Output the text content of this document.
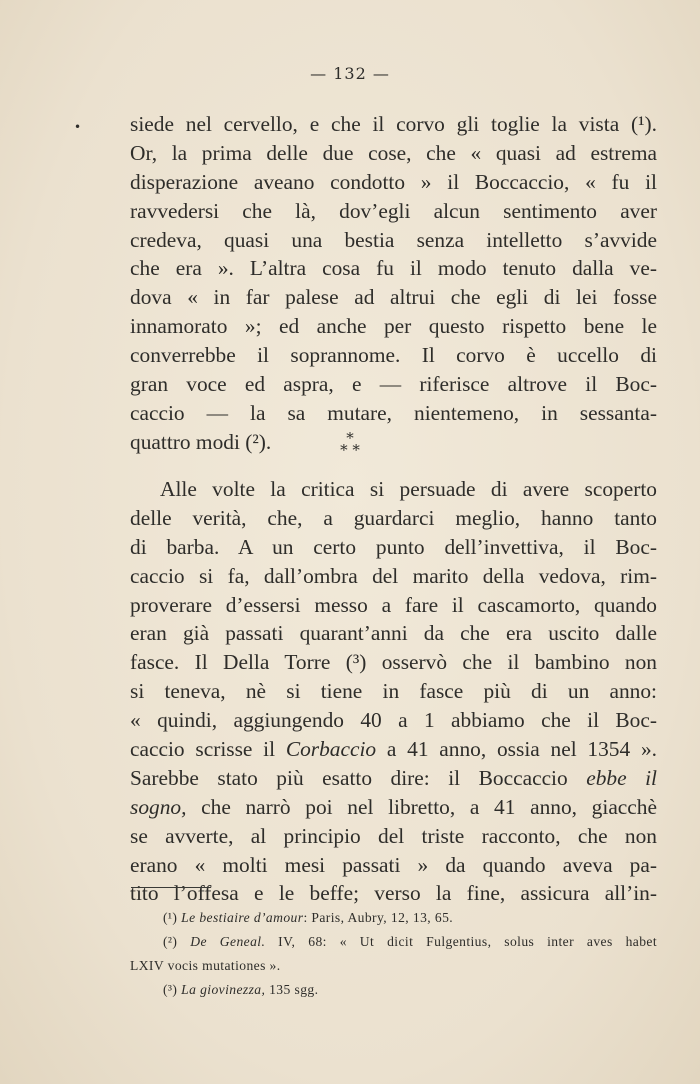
— 132 —
• siede nel cervello, e che il corvo gli toglie la vista (¹).
Or, la prima delle due cose, che « quasi ad estrema
disperazione aveano condotto » il Boccaccio, « fu il
ravvedersi che là, dov’egli alcun sentimento aver
credeva, quasi una bestia senza intelletto s’avvide
che era ». L’altra cosa fu il modo tenuto dalla ve-
dova « in far palese ad altrui che egli di lei fosse
innamorato »; ed anche per questo rispetto bene le
converrebbe il soprannome. Il corvo è uccello di
gran voce ed aspra, e — riferisce altrove il Boc-
caccio — la sa mutare, nientemeno, in sessanta-
quattro modi (²).	*
* *
Alle volte la critica si persuade di avere scoperto
delle verità, che, a guardarci meglio, hanno tanto
di barba. A un certo punto dell’invettiva, il Boc-
caccio si fa, dall’ombra del marito della vedova, rim-
proverare d’essersi messo a fare il cascamorto, quando
eran già passati quarant’anni da che era uscito dalle
fasce. Il Della Torre (³) osservò che il bambino non
si teneva, nè si tiene in fasce più di un anno:
« quindi, aggiungendo 40 a 1 abbiamo che il Boc-
caccio scrisse il Corbaccio a 41 anno, ossia nel 1354 ».
Sarebbe stato più esatto dire: il Boccaccio ebbe il
sogno, che narrò poi nel libretto, a 41 anno, giacchè
se avverte, al principio del triste racconto, che non
erano « molti mesi passati » da quando aveva pa-
tito l’offesa e le beffe; verso la fine, assicura all’in-
(¹) Le bestiaire d’amour: Paris, Aubry, 12, 13, 65.
(²) De Geneal. IV, 68: « Ut dicit Fulgentius, solus inter aves habet
LXIV vocis mutationes ».
(³) La giovinezza, 135 sgg.
